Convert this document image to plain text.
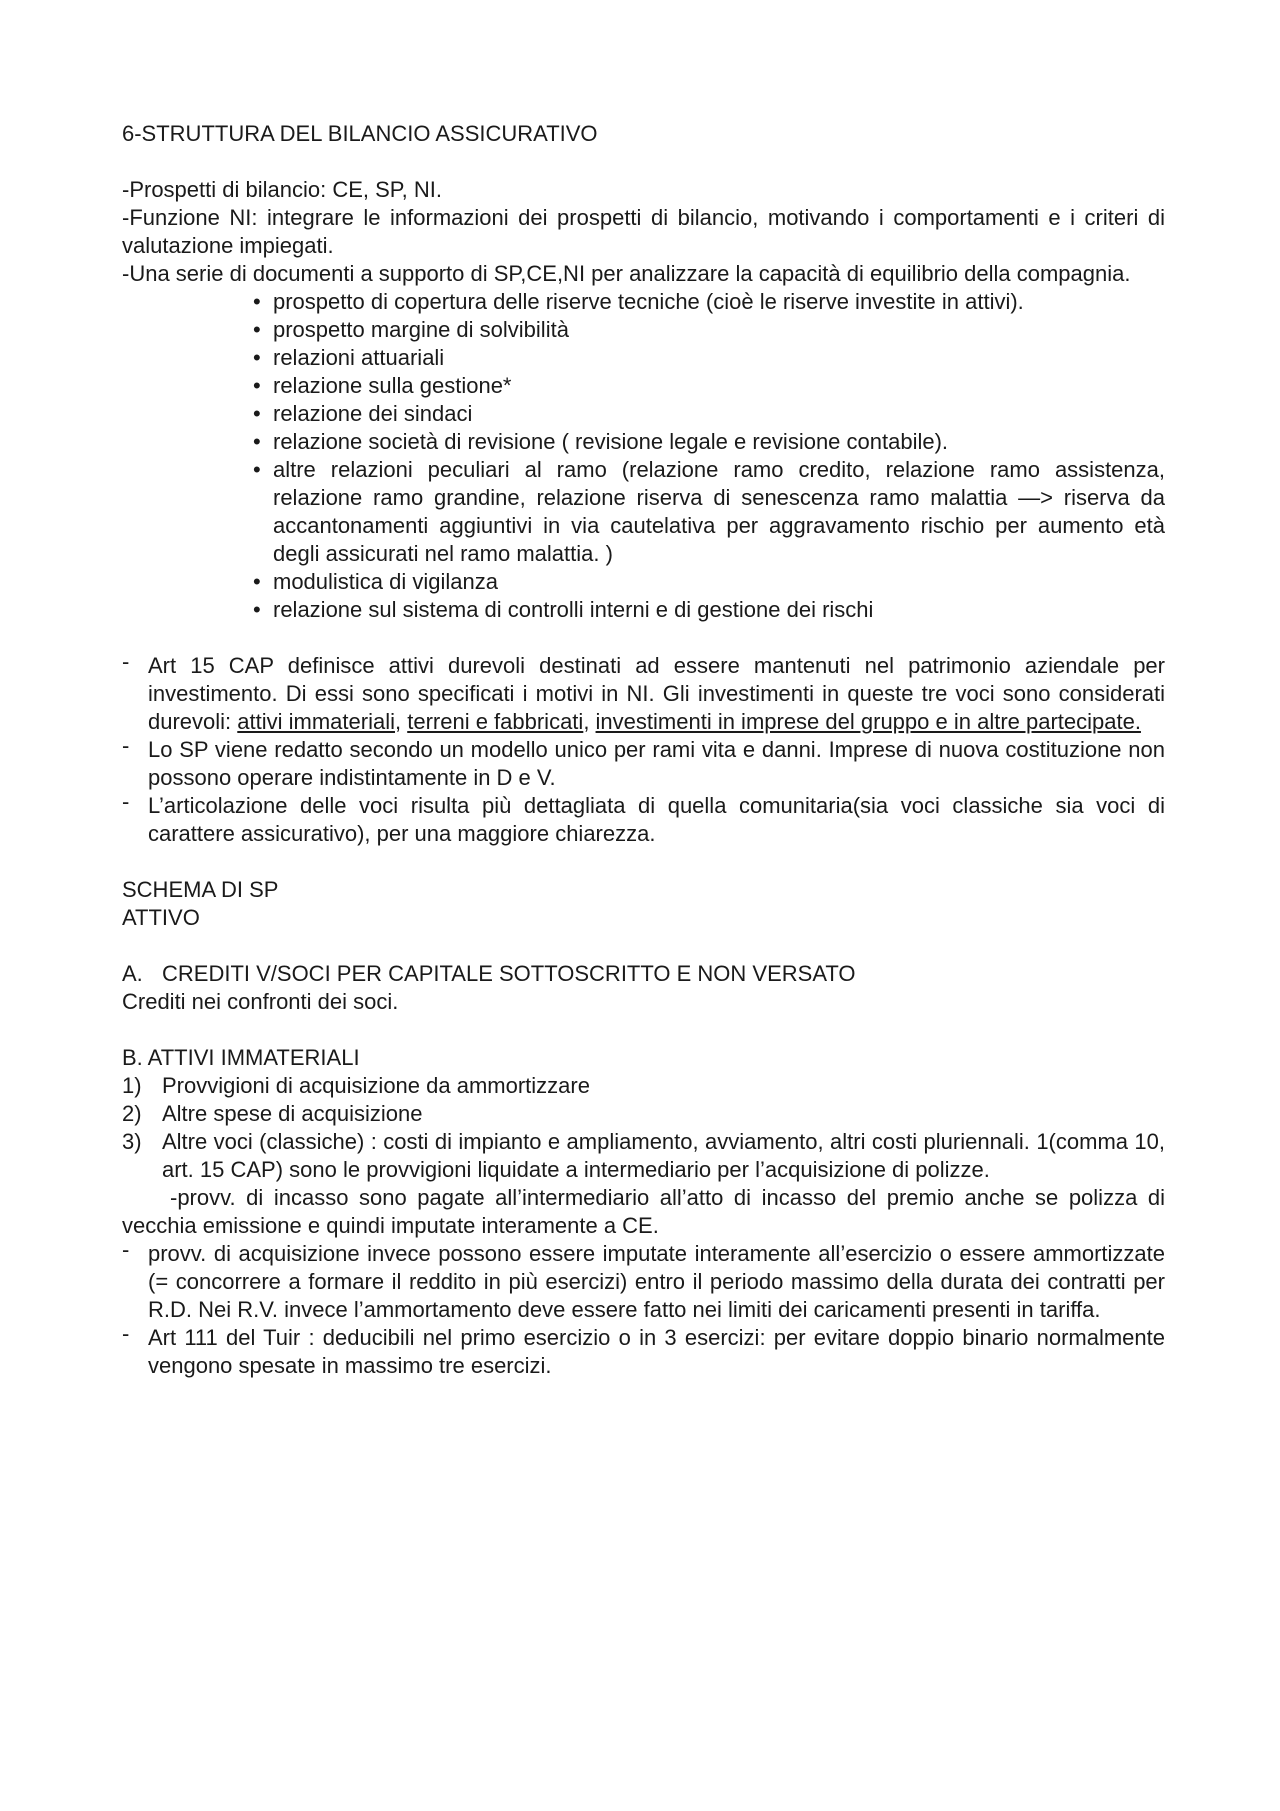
6-STRUTTURA DEL BILANCIO ASSICURATIVO

-Prospetti di bilancio: CE, SP, NI.

-Funzione NI: integrare le informazioni dei prospetti di bilancio, motivando i comportamenti e i criteri di valutazione impiegati.

-Una serie di documenti a supporto di SP,CE,NI per analizzare la capacità di equilibrio della compagnia.

• prospetto di copertura delle riserve tecniche (cioè le riserve investite in attivi).
• prospetto margine di solvibilità
• relazioni attuariali
• relazione sulla gestione*
• relazione dei sindaci
• relazione società di revisione ( revisione legale e revisione contabile).
• altre relazioni peculiari al ramo (relazione ramo credito, relazione ramo assistenza, relazione ramo grandine, relazione riserva di senescenza ramo malattia —> riserva da accantonamenti aggiuntivi in via cautelativa per aggravamento rischio per aumento età degli assicurati nel ramo malattia. )
• modulistica di vigilanza
• relazione sul sistema di controlli interni e di gestione dei rischi
- Art 15 CAP definisce attivi durevoli destinati ad essere mantenuti nel patrimonio aziendale per investimento. Di essi sono specificati i motivi in NI. Gli investimenti in queste tre voci sono considerati durevoli: attivi immateriali, terreni e fabbricati, investimenti in imprese del gruppo e in altre partecipate.
- Lo SP viene redatto secondo un modello unico per rami vita e danni. Imprese di nuova costituzione non possono operare indistintamente in D e V.
- L’articolazione delle voci risulta più dettagliata di quella comunitaria(sia voci classiche sia voci di carattere assicurativo), per una maggiore chiarezza.

SCHEMA DI SP

ATTIVO

A. CREDITI V/SOCI PER CAPITALE SOTTOSCRITTO E NON VERSATO

Crediti nei confronti dei soci.

B. ATTIVI IMMATERIALI

1) Provvigioni di acquisizione da ammortizzare
2) Altre spese di acquisizione
3) Altre voci (classiche) : costi di impianto e ampliamento, avviamento, altri costi pluriennali. 1(comma 10, art. 15 CAP) sono le provvigioni liquidate a intermediario per l’acquisizione di polizze.

-provv. di incasso sono pagate all’intermediario all’atto di incasso del premio anche se polizza di vecchia emissione e quindi imputate interamente a CE.

- provv. di acquisizione invece possono essere imputate interamente all’esercizio o essere ammortizzate (= concorrere a formare il reddito in più esercizi) entro il periodo massimo della durata dei contratti per R.D. Nei R.V. invece l’ammortamento deve essere fatto nei limiti dei caricamenti presenti in tariffa.
- Art 111 del Tuir : deducibili nel primo esercizio o in 3 esercizi: per evitare doppio binario normalmente vengono spesate in massimo tre esercizi.
